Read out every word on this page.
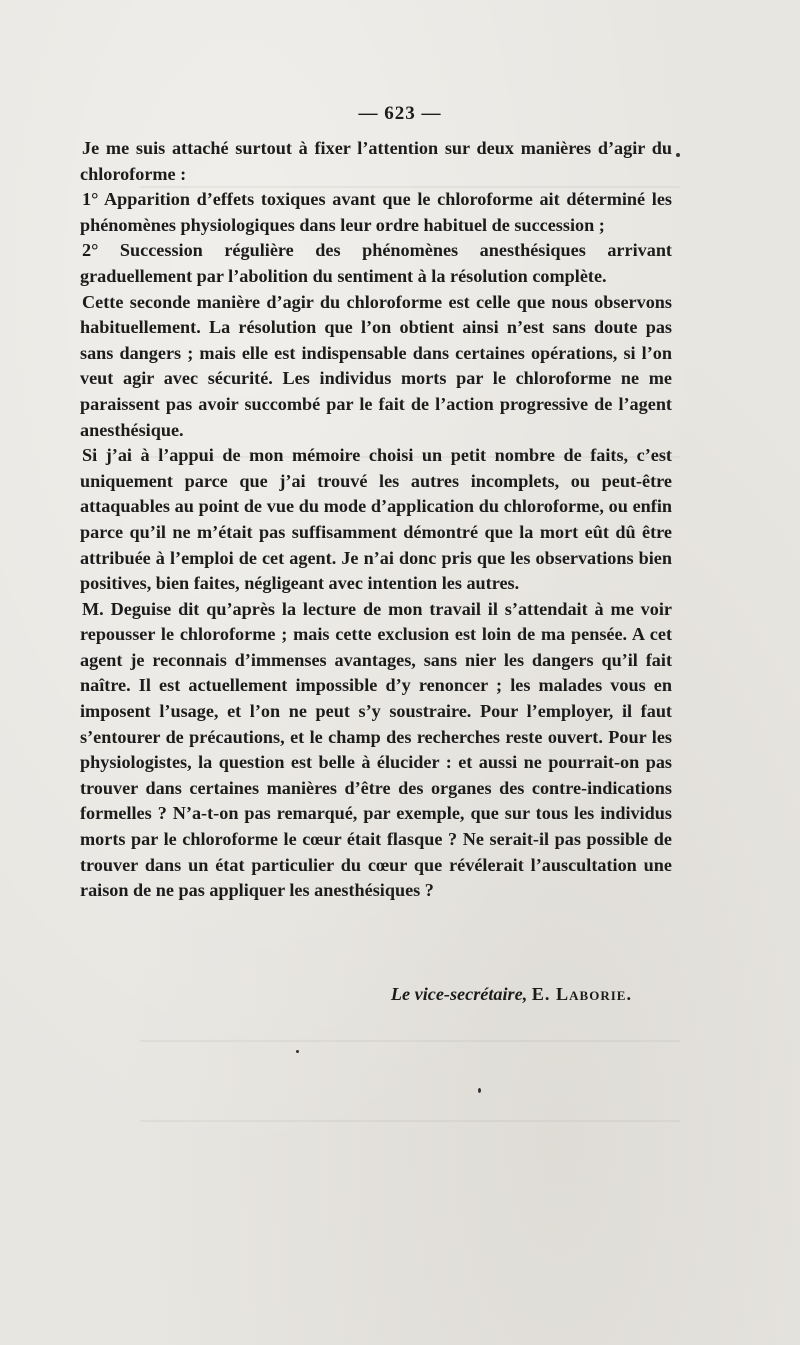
— 623 —

Je me suis attaché surtout à fixer l’attention sur deux manières d’agir du chloroforme :

1° Apparition d’effets toxiques avant que le chloroforme ait déterminé les phénomènes physiologiques dans leur ordre habituel de succession ;

2° Succession régulière des phénomènes anesthésiques arrivant graduellement par l’abolition du sentiment à la résolution complète.

Cette seconde manière d’agir du chloroforme est celle que nous observons habituellement. La résolution que l’on obtient ainsi n’est sans doute pas sans dangers ; mais elle est indispensable dans certaines opérations, si l’on veut agir avec sécurité. Les individus morts par le chloroforme ne me paraissent pas avoir succombé par le fait de l’action progressive de l’agent anesthésique.

Si j’ai à l’appui de mon mémoire choisi un petit nombre de faits, c’est uniquement parce que j’ai trouvé les autres incomplets, ou peut-être attaquables au point de vue du mode d’application du chloroforme, ou enfin parce qu’il ne m’était pas suffisamment démontré que la mort eût dû être attribuée à l’emploi de cet agent. Je n’ai donc pris que les observations bien positives, bien faites, négligeant avec intention les autres.

M. Deguise dit qu’après la lecture de mon travail il s’attendait à me voir repousser le chloroforme ; mais cette exclusion est loin de ma pensée. A cet agent je reconnais d’immenses avantages, sans nier les dangers qu’il fait naître. Il est actuellement impossible d’y renoncer ; les malades vous en imposent l’usage, et l’on ne peut s’y soustraire. Pour l’employer, il faut s’entourer de précautions, et le champ des recherches reste ouvert. Pour les physiologistes, la question est belle à élucider : et aussi ne pourrait-on pas trouver dans certaines manières d’être des organes des contre-indications formelles ? N’a-t-on pas remarqué, par exemple, que sur tous les individus morts par le chloroforme le cœur était flasque ? Ne serait-il pas possible de trouver dans un état particulier du cœur que révélerait l’auscultation une raison de ne pas appliquer les anesthésiques ?

Le vice-secrétaire, E. Laborie.
